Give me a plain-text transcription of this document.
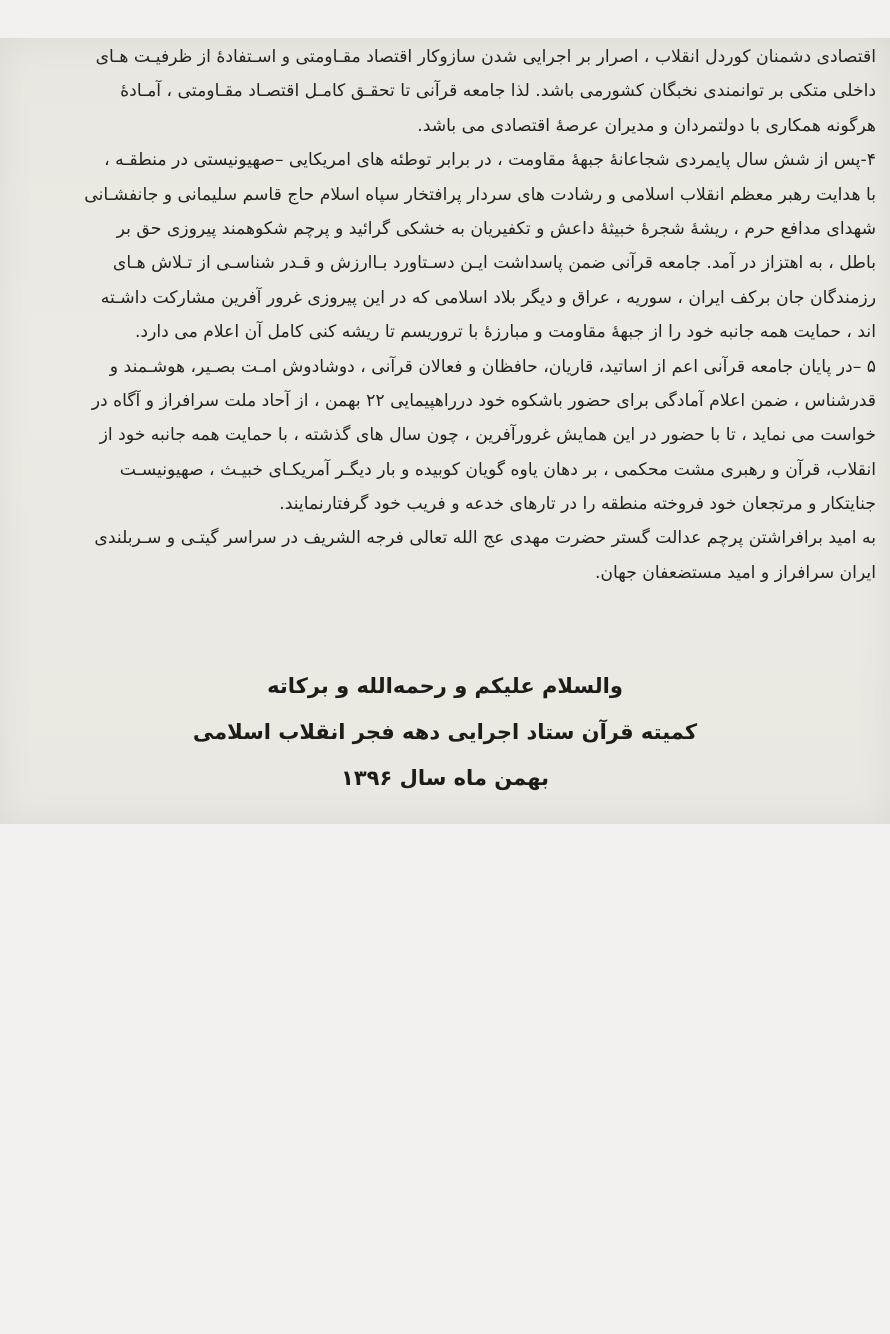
اقتصادی دشمنان کوردل انقلاب ، اصرار بر اجرایی شدن سازوکار اقتصاد مقـاومتی و اسـتفادهٔ از ظرفیـت هـای
داخلی متکی بر توانمندی نخبگان کشورمی باشد. لذا جامعه قرآنی تا تحقـق کامـل اقتصـاد مقـاومتی ، آمـادهٔ
هرگونه همکاری با دولتمردان و مدیران عرصهٔ اقتصادی می باشد.
۴-پس از شش سال پایمردی شجاعانهٔ جبههٔ مقاومت ، در برابر توطئه های امریکایی –صهیونیستی در منطقـه ،
با هدایت رهبر معظم انقلاب اسلامی و رشادت های سردار پرافتخار سپاه اسلام حاج قاسم سلیمانی و جانفشـانی
شهدای مدافع حرم ، ریشهٔ شجرهٔ خبیثهٔ داعش و تکفیریان به خشکی گرائید و پرچم شکوهمند پیروزی حق بر
باطل ، به اهتزاز در آمد. جامعه قرآنی ضمن پاسداشت ایـن دسـتاورد بـاارزش و قـدر شناسـی از تـلاش هـای
رزمندگان جان برکف ایران ، سوریه ، عراق و دیگر بلاد اسلامی که در این پیروزی غرور آفرین مشارکت داشـته
اند ، حمایت همه جانبه خود را از جبههٔ مقاومت و مبارزهٔ با تروریسم تا ریشه کنی کامل آن اعلام می دارد.
۵ –در پایان جامعه قرآنی اعم از اساتید، قاریان، حافظان و فعالان قرآنی ، دوشادوش امـت بصـیر، هوشـمند و
قدرشناس ، ضمن اعلام آمادگی برای حضور باشکوه خود درراهپیمایی ۲۲ بهمن ، از آحاد ملت سرافراز و آگاه در
خواست می نماید ، تا با حضور در این همایش غرورآفرین ، چون سال های گذشته ، با حمایت همه جانبه خود از
انقلاب، قرآن و رهبری مشت محکمی ، بر دهان یاوه گویان کوبیده و بار دیگـر آمریکـای خبیـث ، صهیونیسـت
جنایتکار و مرتجعان خود فروخته منطقه را در تارهای خدعه و فریب خود گرفتارنمایند.
به امید برافراشتن پرچم عدالت گستر حضرت مهدی عج الله تعالی فرجه الشریف در سراسر گیتـی و سـربلندی
ایران سرافراز و امید مستضعفان جهان.
والسلام علیکم و رحمه‌الله و برکاته
کمیته قرآن ستاد اجرایی دهه فجر انقلاب اسلامی
بهمن ماه سال ۱۳۹۶
